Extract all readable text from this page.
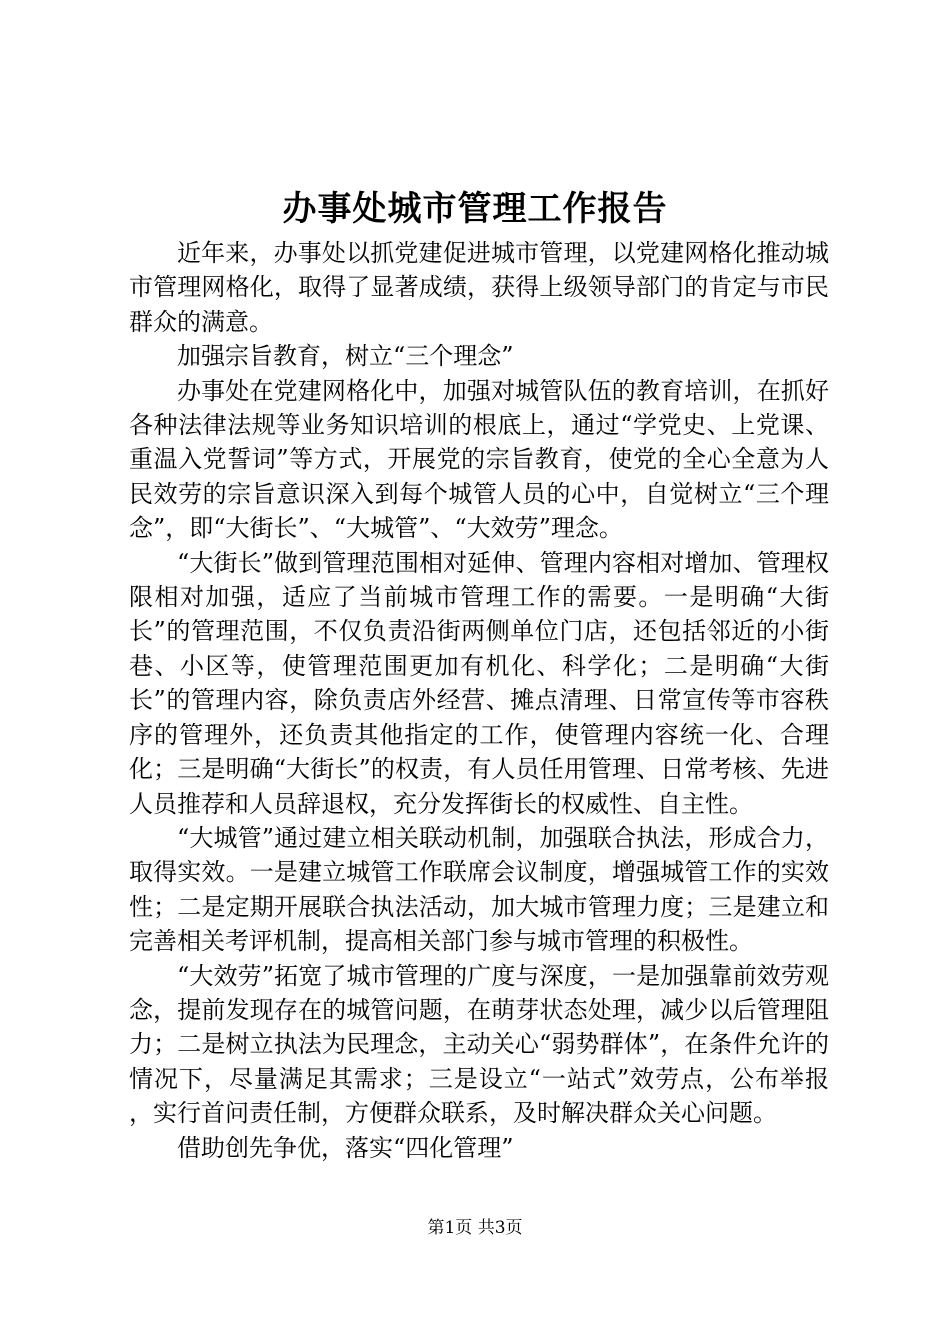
办事处城市管理工作报告

近年来，办事处以抓党建促进城市管理，以党建网格化推动城市管理网格化，取得了显著成绩，获得上级领导部门的肯定与市民群众的满意。

加强宗旨教育，树立“三个理念”

办事处在党建网格化中，加强对城管队伍的教育培训，在抓好各种法律法规等业务知识培训的根底上，通过“学党史、上党课、重温入党誓词”等方式，开展党的宗旨教育，使党的全心全意为人民效劳的宗旨意识深入到每个城管人员的心中，自觉树立“三个理念”，即“大街长”、“大城管”、“大效劳”理念。

“大街长”做到管理范围相对延伸、管理内容相对增加、管理权限相对加强，适应了当前城市管理工作的需要。一是明确“大街长”的管理范围，不仅负责沿街两侧单位门店，还包括邻近的小街巷、小区等，使管理范围更加有机化、科学化；二是明确“大街长”的管理内容，除负责店外经营、摊点清理、日常宣传等市容秩序的管理外，还负责其他指定的工作，使管理内容统一化、合理化；三是明确“大街长”的权责，有人员任用管理、日常考核、先进人员推荐和人员辞退权，充分发挥街长的权威性、自主性。

“大城管”通过建立相关联动机制，加强联合执法，形成合力，取得实效。一是建立城管工作联席会议制度，增强城管工作的实效性；二是定期开展联合执法活动，加大城市管理力度；三是建立和完善相关考评机制，提高相关部门参与城市管理的积极性。

“大效劳”拓宽了城市管理的广度与深度，一是加强靠前效劳观念，提前发现存在的城管问题，在萌芽状态处理，减少以后管理阻力；二是树立执法为民理念，主动关心“弱势群体”，在条件允许的情况下，尽量满足其需求；三是设立“一站式”效劳点，公布举报　　，实行首问责任制，方便群众联系，及时解决群众关心问题。

借助创先争优，落实“四化管理”

第1页 共3页
